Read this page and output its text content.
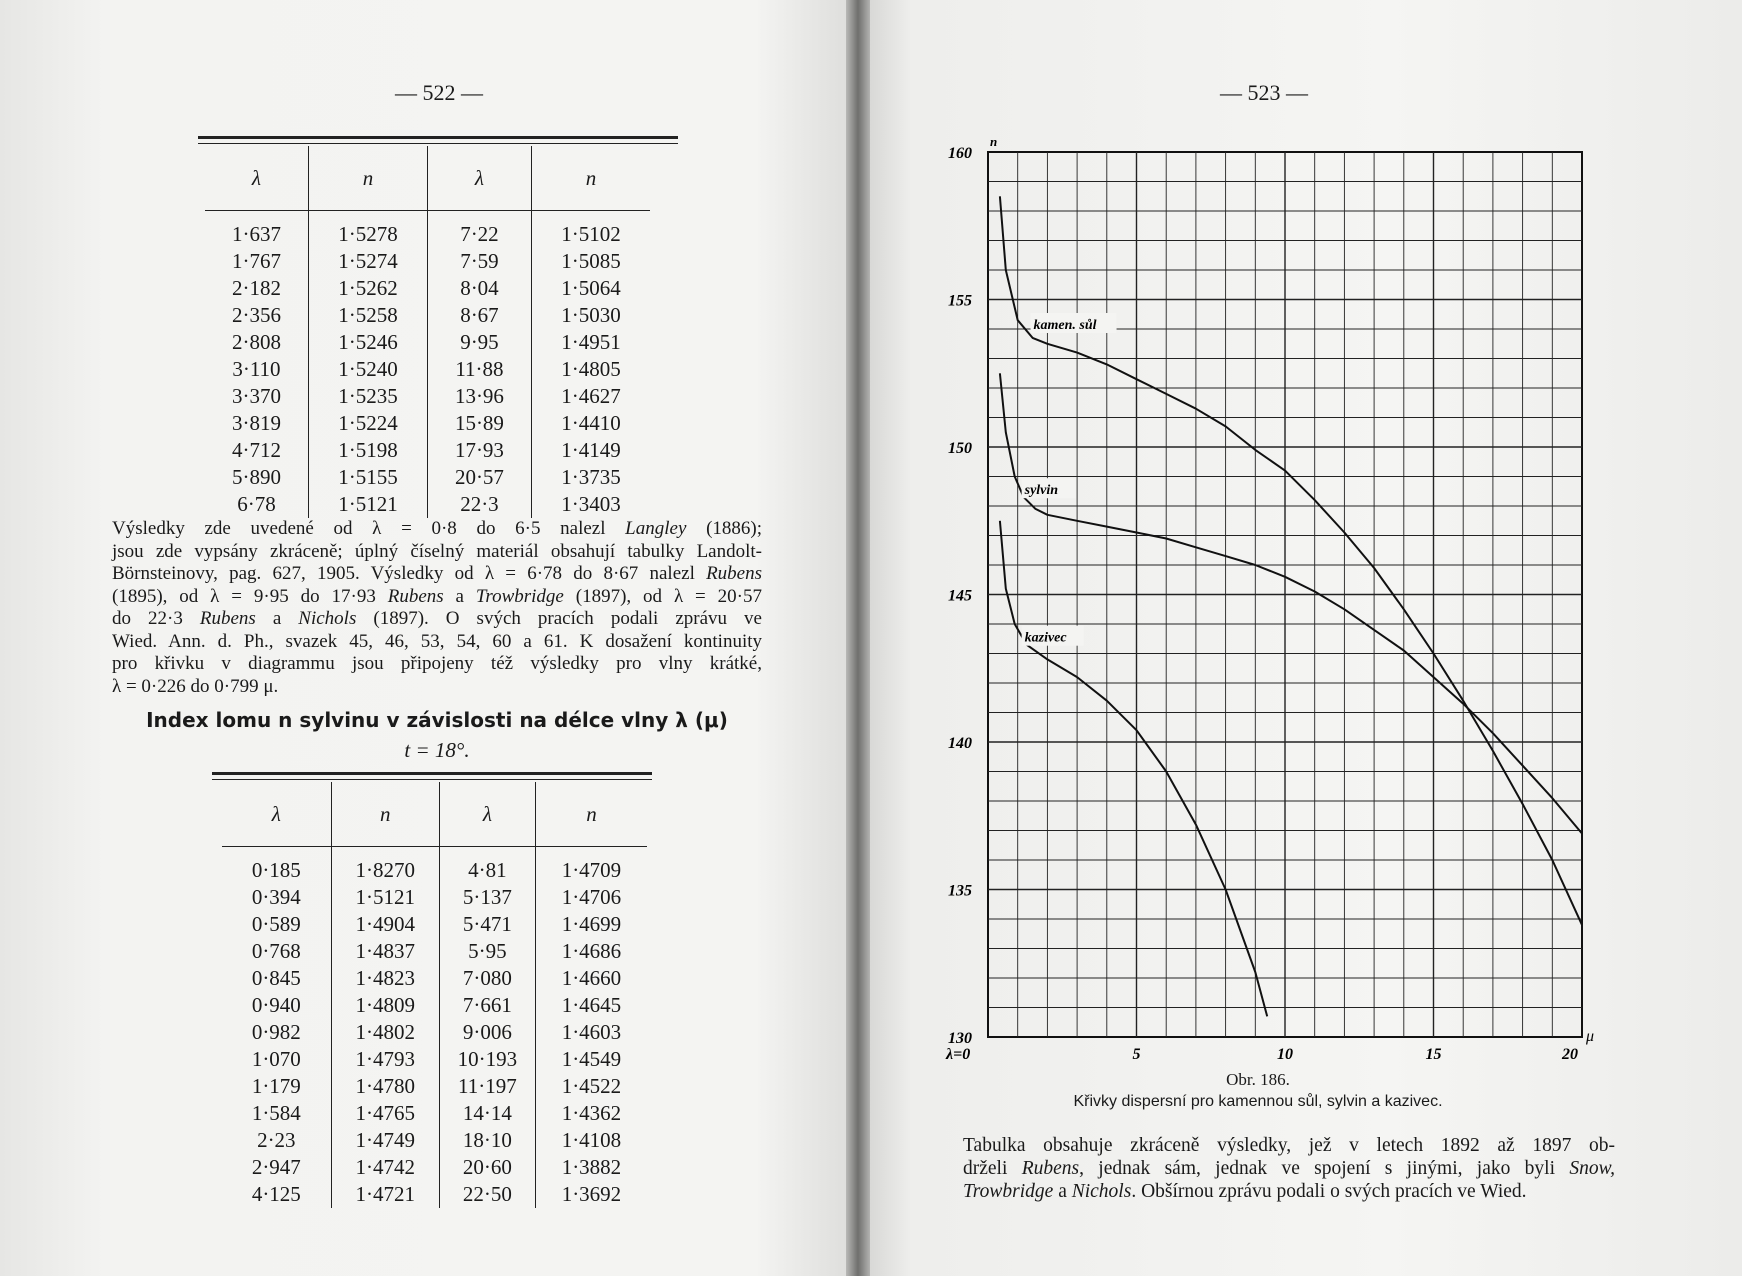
— 522 —
λ	n	λ	n
1·637	1·5278	7·22	1·5102
1·767	1·5274	7·59	1·5085
2·182	1·5262	8·04	1·5064
2·356	1·5258	8·67	1·5030
2·808	1·5246	9·95	1·4951
3·110	1·5240	11·88	1·4805
3·370	1·5235	13·96	1·4627
3·819	1·5224	15·89	1·4410
4·712	1·5198	17·93	1·4149
5·890	1·5155	20·57	1·3735
6·78	1·5121	22·3	1·3403
Výsledky zde uvedené od λ = 0·8 do 6·5 nalezl Langley (1886);
jsou zde vypsány zkráceně; úplný číselný materiál obsahují tabulky Landolt-
Börnsteinovy, pag. 627, 1905. Výsledky od λ = 6·78 do 8·67 nalezl Rubens
(1895), od λ = 9·95 do 17·93 Rubens a Trowbridge (1897), od λ = 20·57
do 22·3 Rubens a Nichols (1897). O svých pracích podali zprávu ve
Wied. Ann. d. Ph., svazek 45, 46, 53, 54, 60 a 61. K dosažení kontinuity
pro křivku v diagrammu jsou připojeny též výsledky pro vlny krátké,
λ = 0·226 do 0·799 μ.
Index lomu n sylvinu v závislosti na délce vlny λ (μ)
t = 18°.
λ	n	λ	n
0·185	1·8270	4·81	1·4709
0·394	1·5121	5·137	1·4706
0·589	1·4904	5·471	1·4699
0·768	1·4837	5·95	1·4686
0·845	1·4823	7·080	1·4660
0·940	1·4809	7·661	1·4645
0·982	1·4802	9·006	1·4603
1·070	1·4793	10·193	1·4549
1·179	1·4780	11·197	1·4522
1·584	1·4765	14·14	1·4362
2·23	1·4749	18·10	1·4108
2·947	1·4742	20·60	1·3882
4·125	1·4721	22·50	1·3692
— 523 —
130
135
140
145
150
155
160
5	10	15	20
kamen. sůl
sylvin
kazivec
λ=0
μ
n
Obr. 186.
Křivky dispersní pro kamennou sůl, sylvin a kazivec.
Tabulka obsahuje zkráceně výsledky, jež v letech 1892 až 1897 ob-
drželi Rubens, jednak sám, jednak ve spojení s jinými, jako byli Snow,
Trowbridge a Nichols. Obšírnou zprávu podali o svých pracích ve Wied.
